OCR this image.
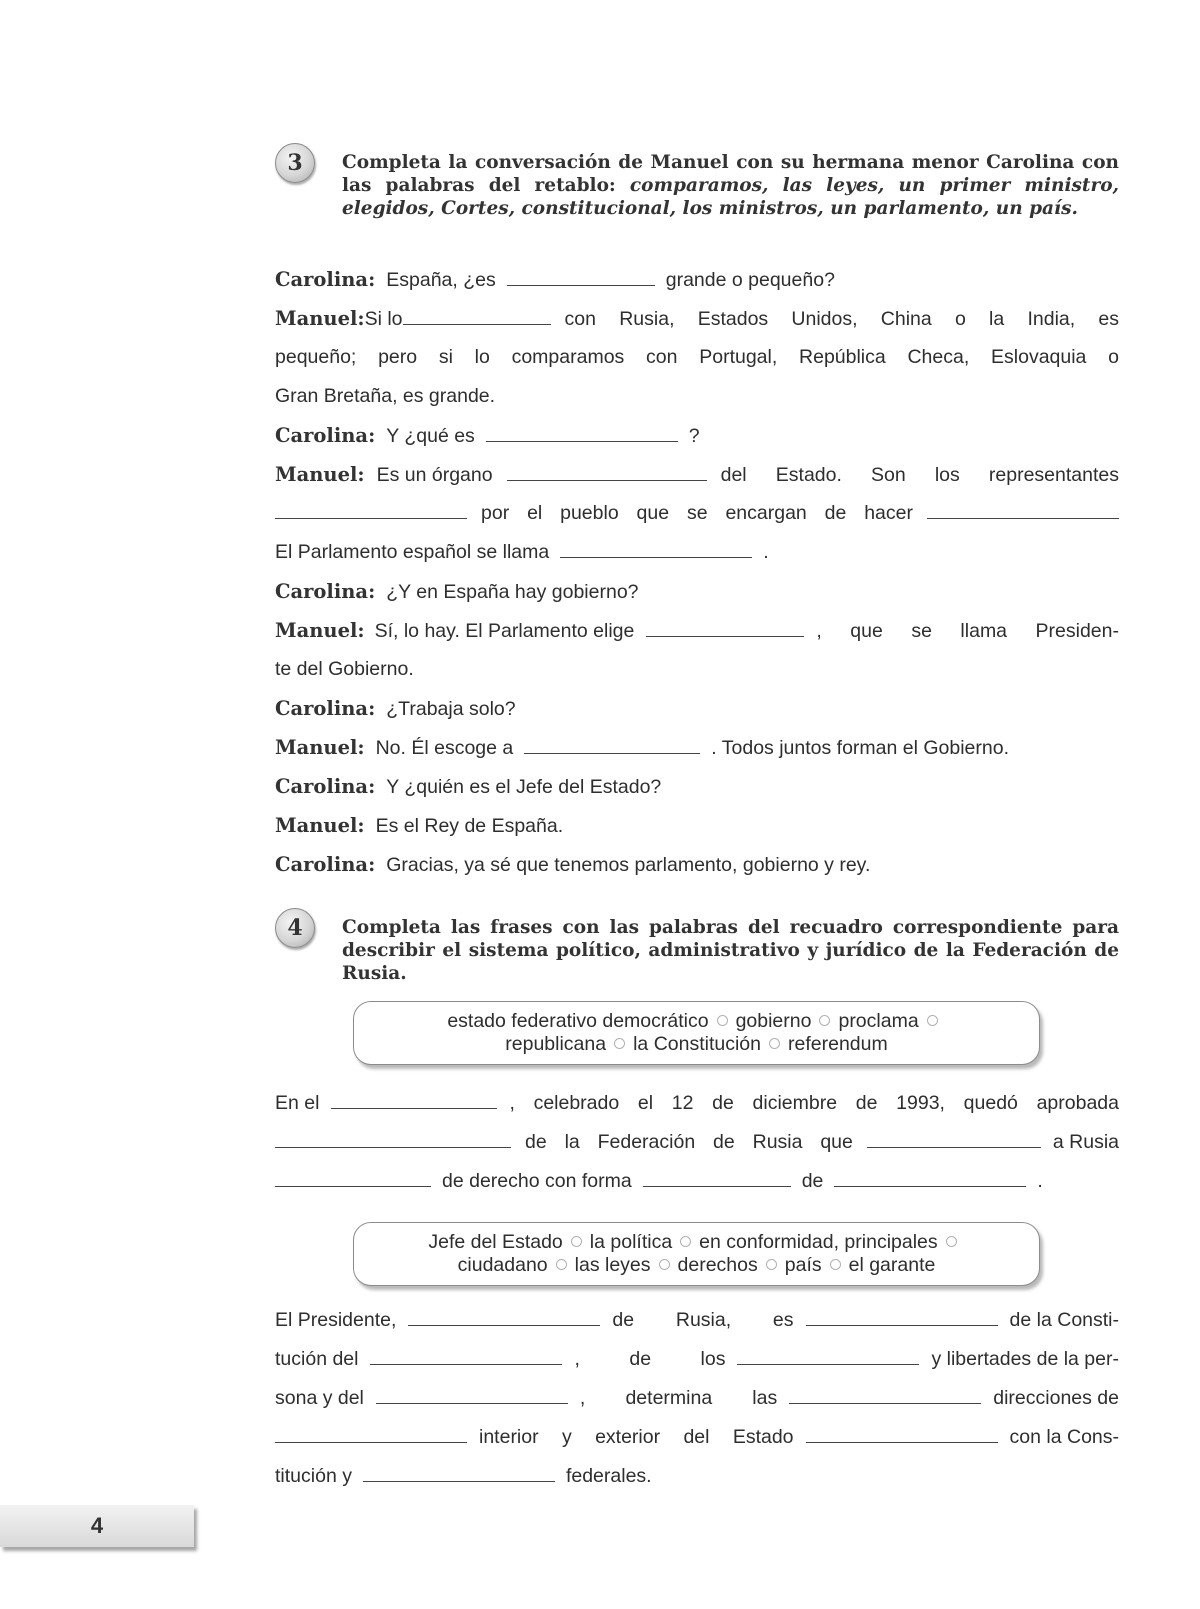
3	Completa la conversación de Manuel con su hermana menor Carolina con las palabras del retablo: comparamos, las leyes, un primer ministro, elegidos, Cortes, constitucional, los ministros, un parlamento, un país.
Carolina: España, ¿es	grande o pequeño?
Manuel: Si lo	con Rusia, Estados Unidos, China o la India, es
pequeño; pero si lo comparamos con Portugal, República Checa, Eslovaquia o
Gran Bretaña, es grande.
Carolina: Y ¿qué es	?
Manuel: Es un órgano	del Estado. Son los representantes
por el pueblo que se encargan de hacer
El Parlamento español se llama	.
Carolina: ¿Y en España hay gobierno?
Manuel: Sí, lo hay. El Parlamento elige	, que se llama Presiden-
te del Gobierno.
Carolina: ¿Trabaja solo?
Manuel: No. Él escoge a	. Todos juntos forman el Gobierno.
Carolina: Y ¿quién es el Jefe del Estado?
Manuel: Es el Rey de España.
Carolina: Gracias, ya sé que tenemos parlamento, gobierno y rey.
4	Completa las frases con las palabras del recuadro correspondiente para describir el sistema político, administrativo y jurídico de la Federación de Rusia.
estado federativo democrático gobierno proclama
republicana la Constitución referendum
En el	, celebrado el 12 de diciembre de 1993, quedó aprobada
de la Federación de Rusia que	a Rusia
de derecho con forma	de	.
Jefe del Estado la política en conformidad, principales
ciudadano las leyes derechos país el garante
El Presidente,	de Rusia, es	de la Consti-
tución del	, de los	y libertades de la per-
sona y del	, determina las	direcciones de
interior y exterior del Estado	con la Cons-
titución y	federales.
4
